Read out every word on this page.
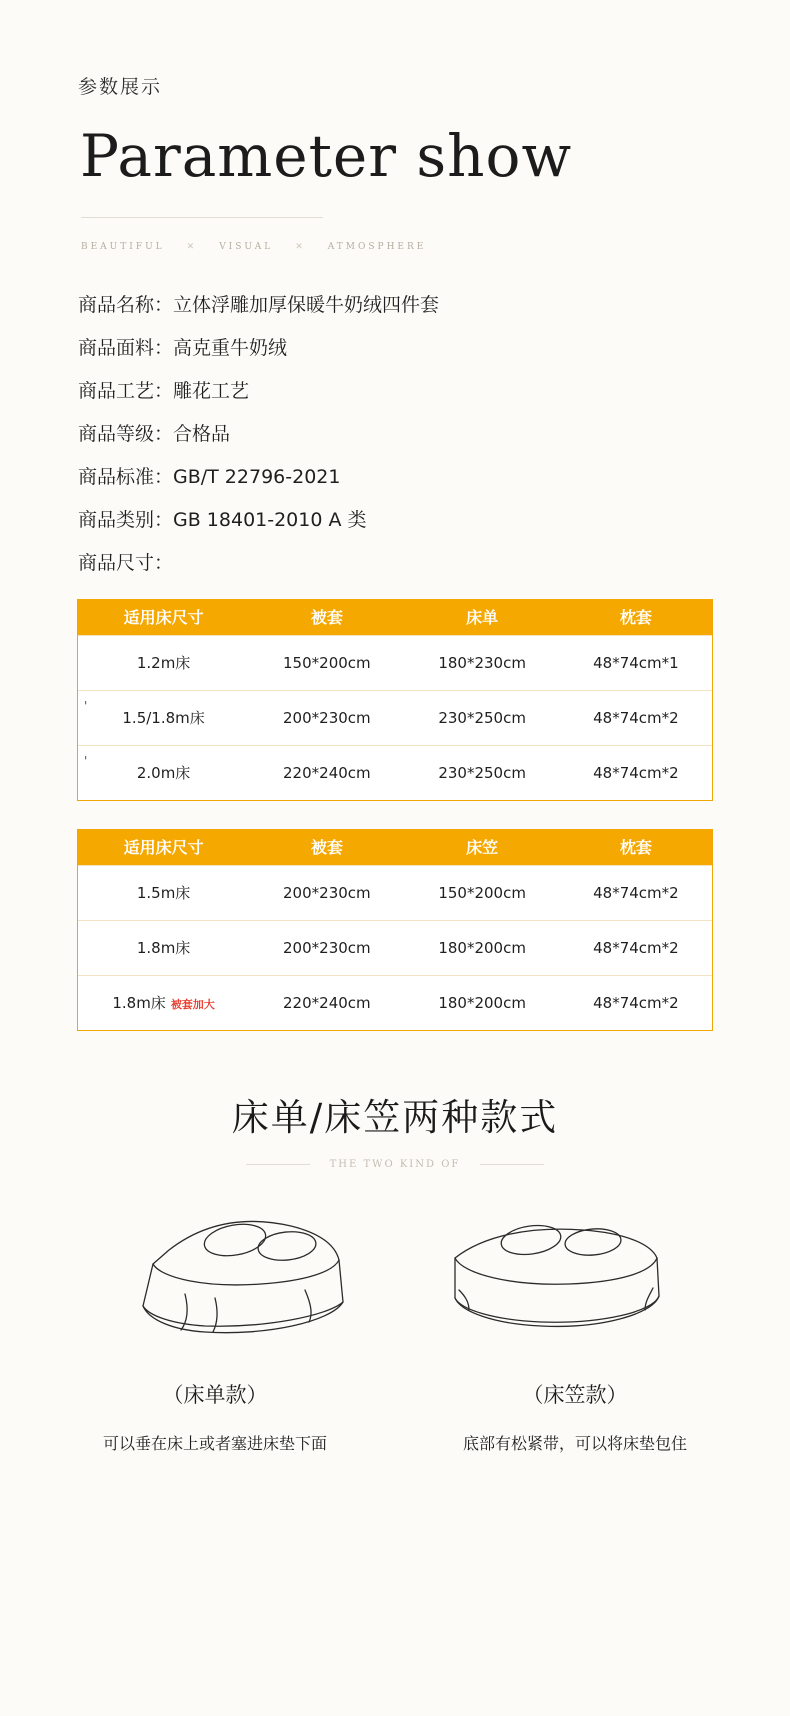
参数展示
Parameter show
BEAUTIFUL ✕ VISUAL ✕ ATMOSPHERE
商品名称：立体浮雕加厚保暖牛奶绒四件套
商品面料：高克重牛奶绒
商品工艺：雕花工艺
商品等级：合格品
商品标准：GB/T 22796-2021
商品类别：GB 18401-2010 A 类
商品尺寸：
适用床尺寸	被套	床单	枕套
1.2m床	150*200cm	180*230cm	48*74cm*1
' 1.5/1.8m床	200*230cm	230*250cm	48*74cm*2
' 2.0m床	220*240cm	230*250cm	48*74cm*2
适用床尺寸	被套	床笠	枕套
1.5m床	200*230cm	150*200cm	48*74cm*2
1.8m床	200*230cm	180*200cm	48*74cm*2
1.8m床 被套加大	220*240cm	180*200cm	48*74cm*2
床单/床笠两种款式
THE TWO KIND OF
（床单款）
可以垂在床上或者塞进床垫下面
（床笠款）
底部有松紧带，可以将床垫包住
